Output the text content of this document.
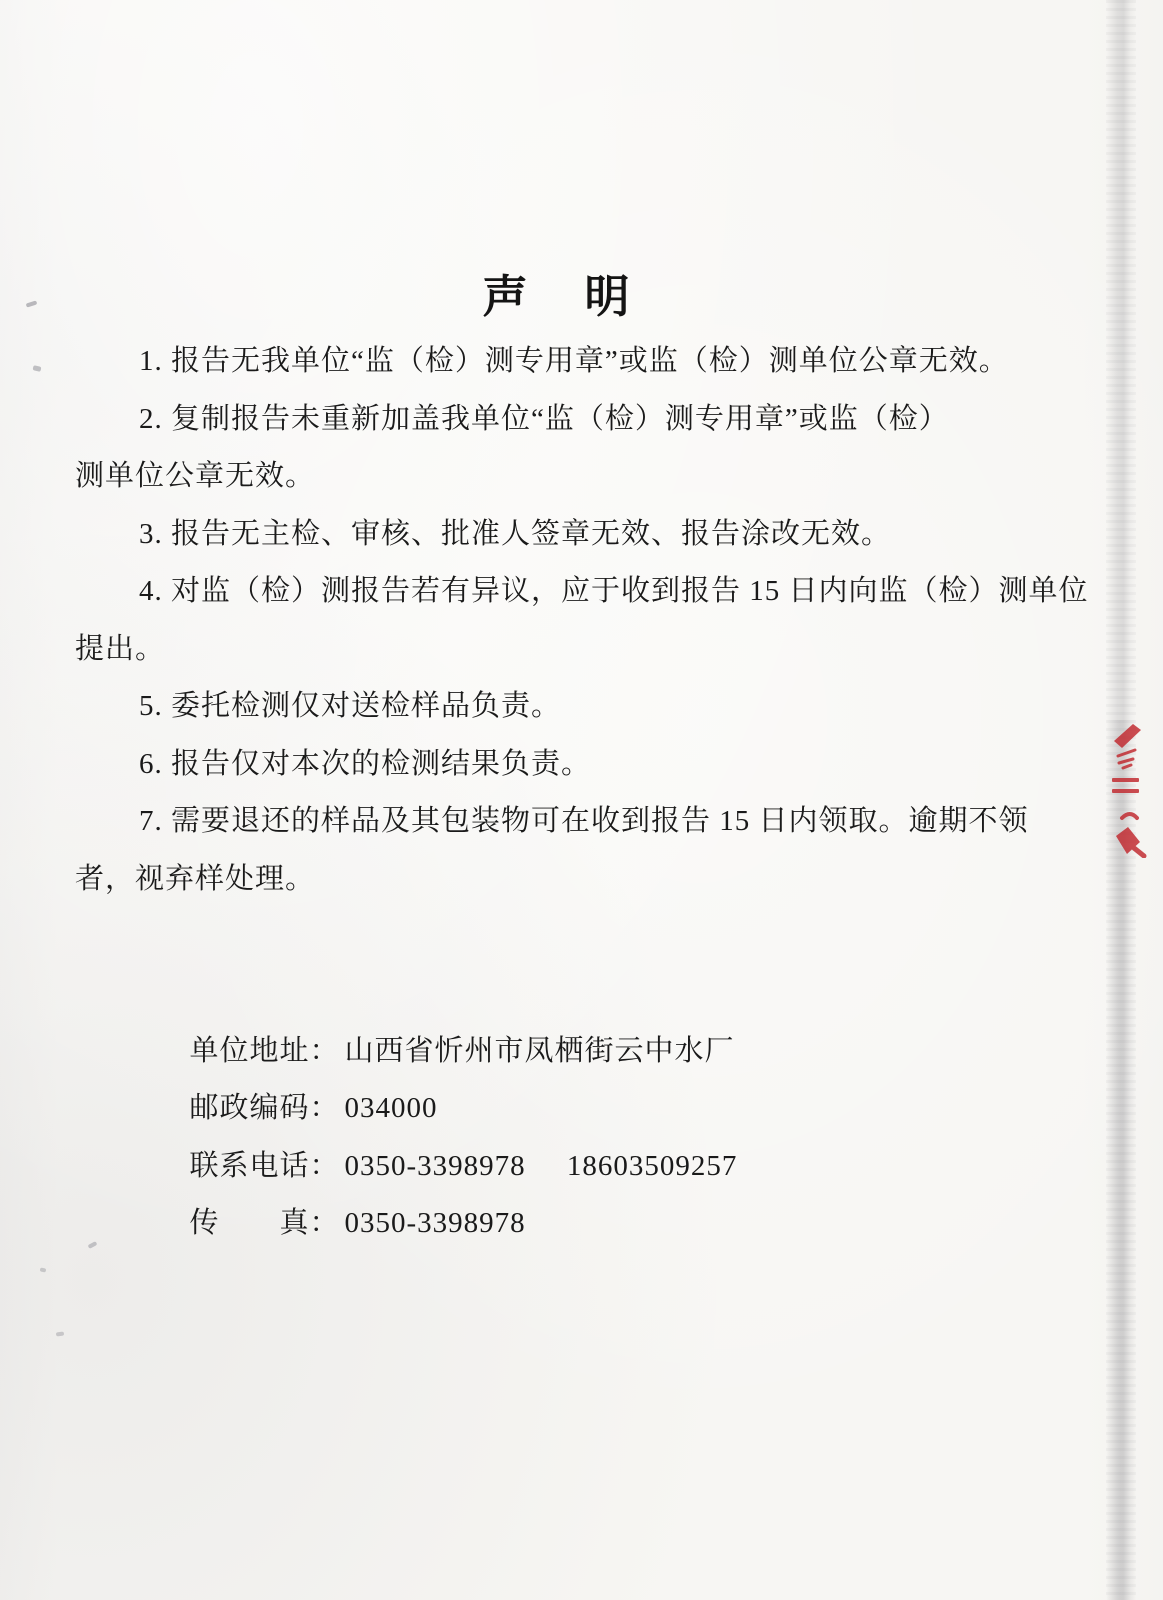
声　明
1. 报告无我单位“监（检）测专用章”或监（检）测单位公章无效。
2. 复制报告未重新加盖我单位“监（检）测专用章”或监（检）
测单位公章无效。
3. 报告无主检、审核、批准人签章无效、报告涂改无效。
4. 对监（检）测报告若有异议，应于收到报告 15 日内向监（检）测单位
提出。
5. 委托检测仅对送检样品负责。
6. 报告仅对本次的检测结果负责。
7. 需要退还的样品及其包装物可在收到报告 15 日内领取。逾期不领
者，视弃样处理。

单位地址： 山西省忻州市凤栖街云中水厂

邮政编码： 034000

联系电话： 0350-3398978     18603509257

传　　真： 0350-3398978
